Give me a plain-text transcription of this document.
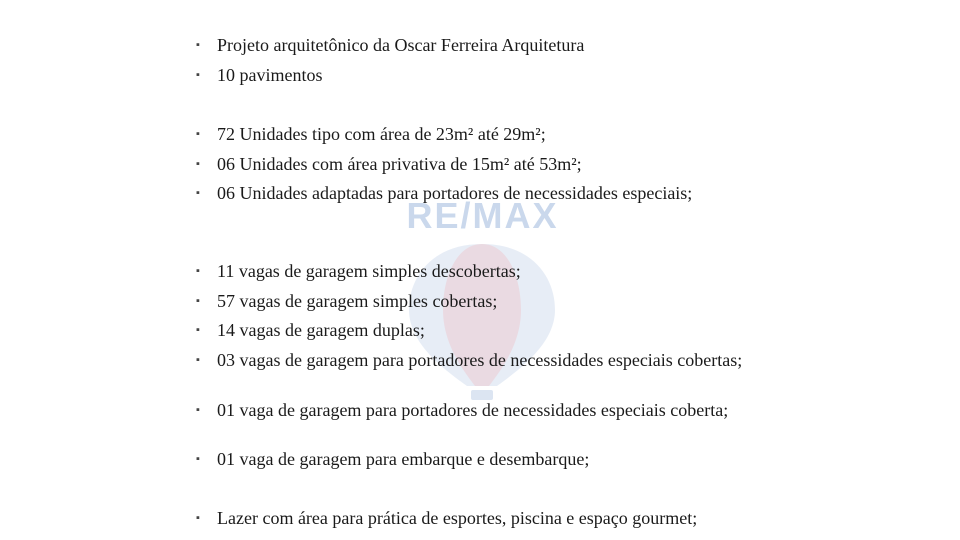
RE/MAX
▪ Projeto arquitetônico da Oscar Ferreira Arquitetura
▪ 10 pavimentos
▪ 72 Unidades tipo com área de 23m² até 29m²;
▪ 06 Unidades com área privativa de 15m² até 53m²;
▪ 06 Unidades adaptadas para portadores de necessidades especiais;
▪ 11 vagas de garagem simples descobertas;
▪ 57 vagas de garagem simples cobertas;
▪ 14 vagas de garagem duplas;
▪ 03 vagas de garagem para portadores de necessidades especiais cobertas;
▪ 01 vaga de garagem para portadores de necessidades especiais coberta;
▪ 01 vaga de garagem para embarque e desembarque;
▪ Lazer com área para prática de esportes, piscina e espaço gourmet;
